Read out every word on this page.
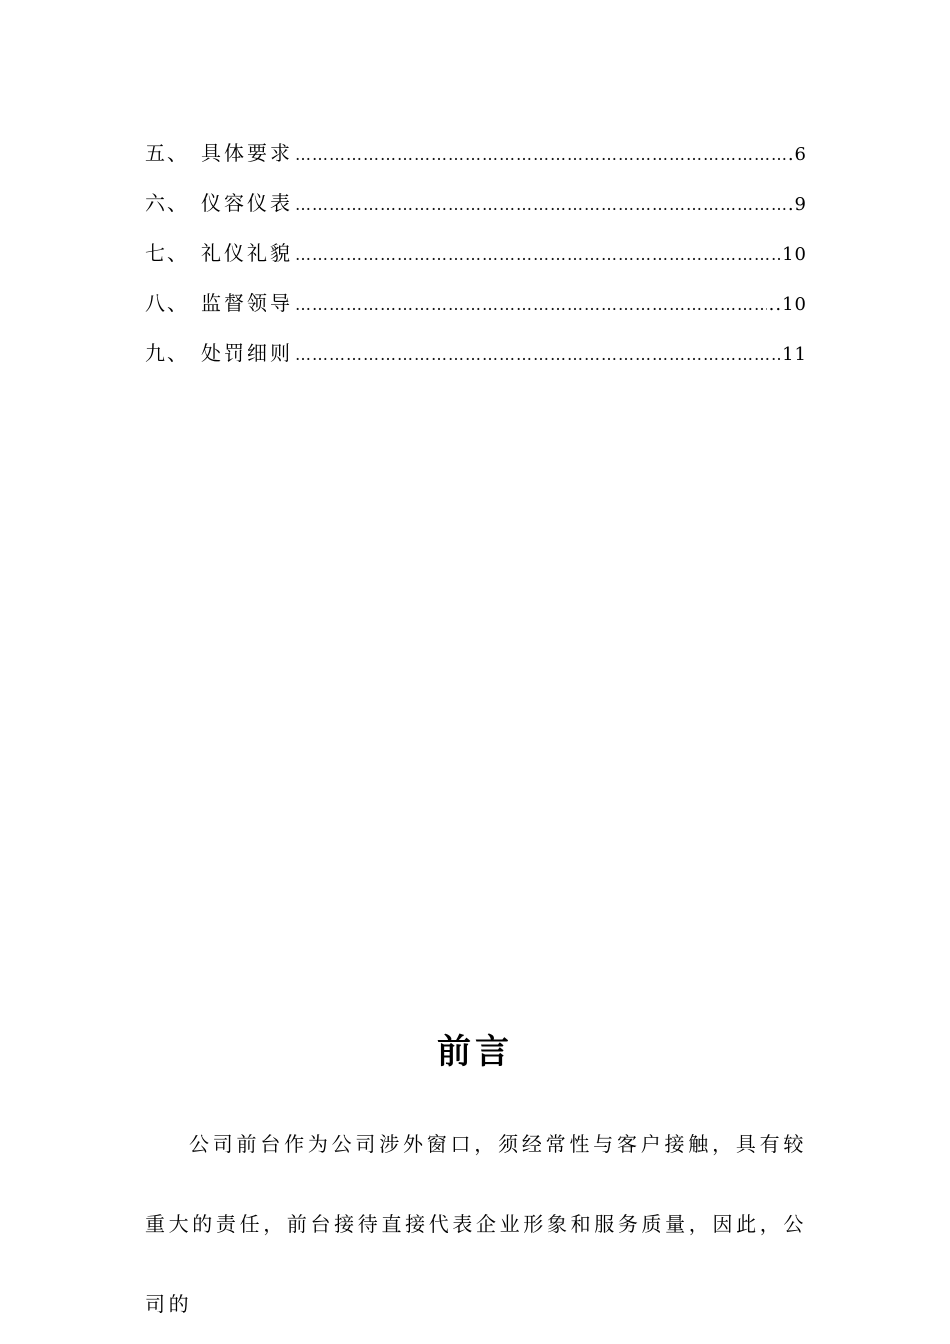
五、 具体要求 …………………………………………………………………………………………………………………………	.6
六、 仪容仪表 …………………………………………………………………………………………………………………………	.9
七、 礼仪礼貌 …………………………………………………………………………………………………………………………	10
八、 监督领导 …………………………………………………………………………………………………………………………	..10
九、 处罚细则 …………………………………………………………………………………………………………………………	11
前言

公司前台作为公司涉外窗口，须经常性与客户接触，具有较重大的责任，前台接待直接代表企业形象和服务质量，因此，公司的
